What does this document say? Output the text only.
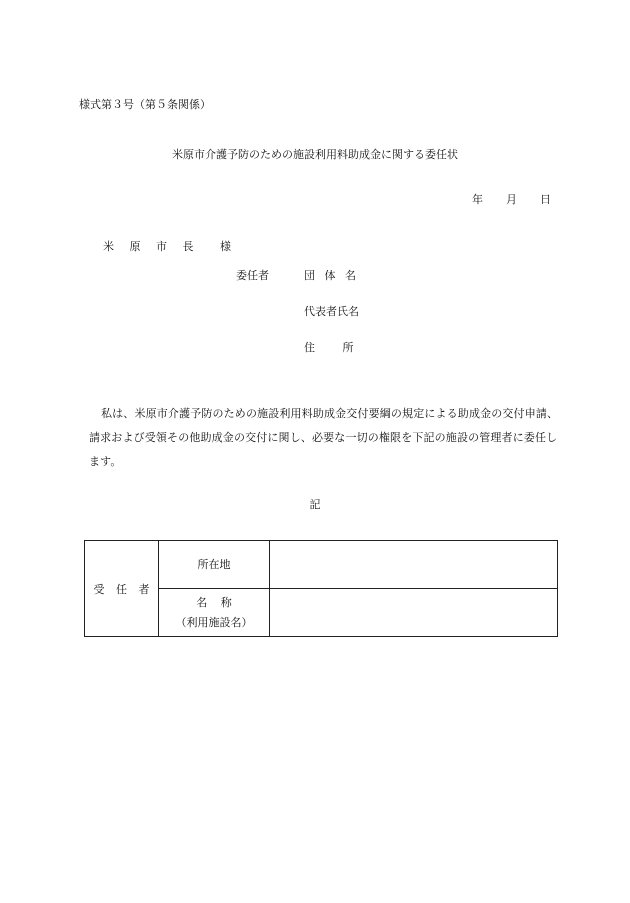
様式第３号（第５条関係）
米原市介護予防のための施設利用料助成金に関する委任状
年 月 日
米 原 市 長　 様
委任者	団 体 名
代表者氏名
住 所
私は、米原市介護予防のための施設利用料助成金交付要綱の規定による助成金の交付申請、請求および受領その他助成金の交付に関し、必要な一切の権限を下記の施設の管理者に委任します。
記
受 任 者	所在地	

	名 称
（利用施設名）	
